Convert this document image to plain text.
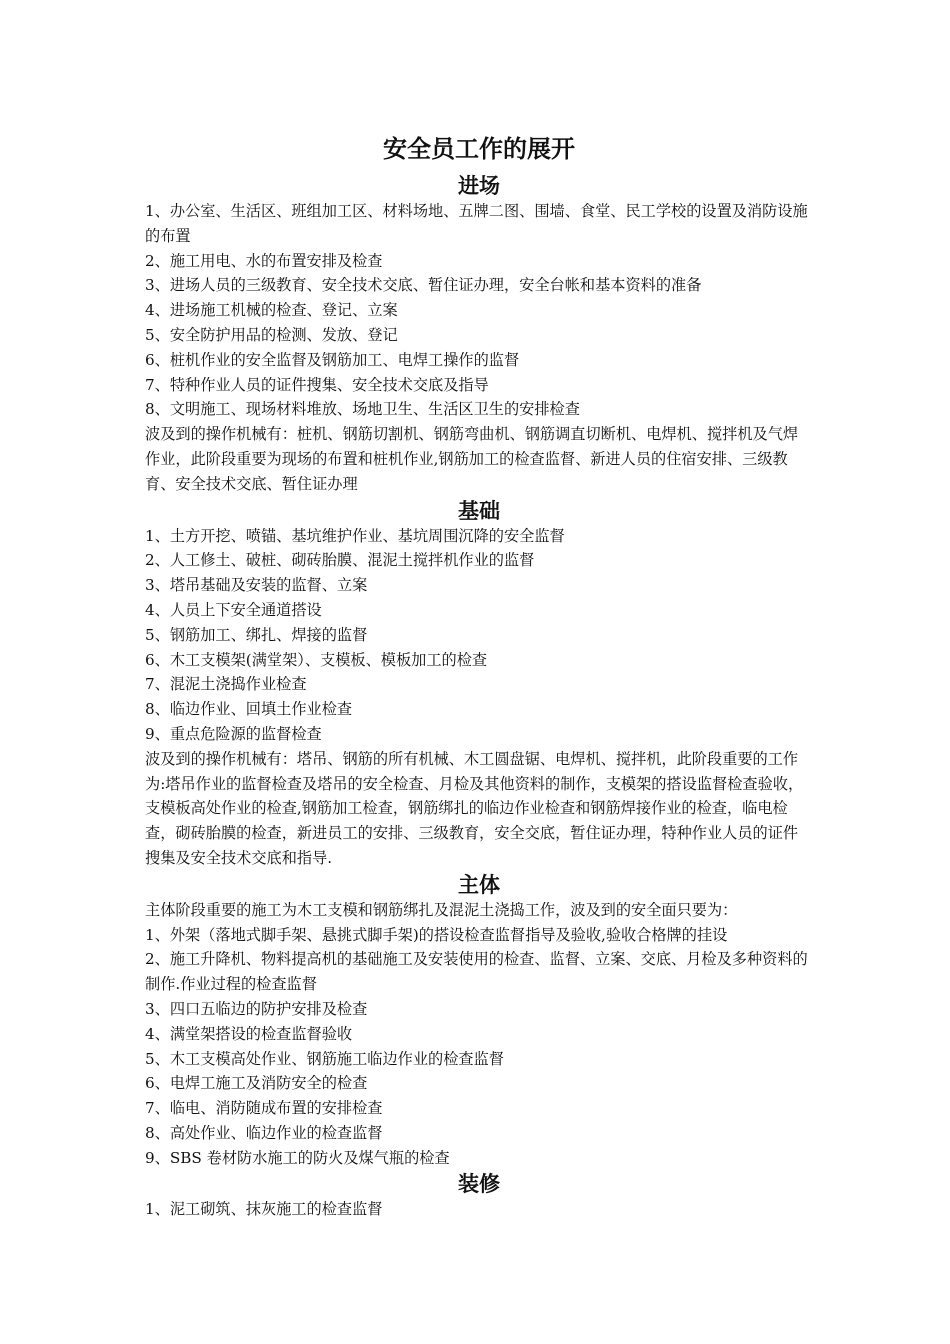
安全员工作的展开
进场

1、办公室、生活区、班组加工区、材料场地、五牌二图、围墙、食堂、民工学校的设置及消防设施的布置

2、施工用电、水的布置安排及检查

3、进场人员的三级教育、安全技术交底、暂住证办理，安全台帐和基本资料的准备

4、进场施工机械的检查、登记、立案

5、安全防护用品的检测、发放、登记

6、桩机作业的安全监督及钢筋加工、电焊工操作的监督

7、特种作业人员的证件搜集、安全技术交底及指导

8、文明施工、现场材料堆放、场地卫生、生活区卫生的安排检查

波及到的操作机械有：桩机、钢筋切割机、钢筋弯曲机、钢筋调直切断机、电焊机、搅拌机及气焊作业，此阶段重要为现场的布置和桩机作业,钢筋加工的检查监督、新进人员的住宿安排、三级教育、安全技术交底、暂住证办理

基础

1、土方开挖、喷锚、基坑维护作业、基坑周围沉降的安全监督

2、人工修土、破桩、砌砖胎膜、混泥土搅拌机作业的监督

3、塔吊基础及安装的监督、立案

4、人员上下安全通道搭设

5、钢筋加工、绑扎、焊接的监督

6、木工支模架(满堂架）、支模板、模板加工的检查

7、混泥土浇捣作业检查

8、临边作业、回填土作业检查

9、重点危险源的监督检查

波及到的操作机械有：塔吊、钢筋的所有机械、木工圆盘锯、电焊机、搅拌机，此阶段重要的工作为:塔吊作业的监督检查及塔吊的安全检查、月检及其他资料的制作，支模架的搭设监督检查验收，支模板高处作业的检查,钢筋加工检查，钢筋绑扎的临边作业检查和钢筋焊接作业的检查，临电检查，砌砖胎膜的检查，新进员工的安排、三级教育，安全交底，暂住证办理，特种作业人员的证件搜集及安全技术交底和指导.

主体

主体阶段重要的施工为木工支模和钢筋绑扎及混泥土浇捣工作，波及到的安全面只要为：

1、外架（落地式脚手架、悬挑式脚手架)的搭设检查监督指导及验收,验收合格牌的挂设

2、施工升降机、物料提高机的基础施工及安装使用的检查、监督、立案、交底、月检及多种资料的制作.作业过程的检查监督

3、四口五临边的防护安排及检查

4、满堂架搭设的检查监督验收

5、木工支模高处作业、钢筋施工临边作业的检查监督

6、电焊工施工及消防安全的检查

7、临电、消防随成布置的安排检查

8、高处作业、临边作业的检查监督

9、SBS 卷材防水施工的防火及煤气瓶的检查

装修

1、泥工砌筑、抹灰施工的检查监督
